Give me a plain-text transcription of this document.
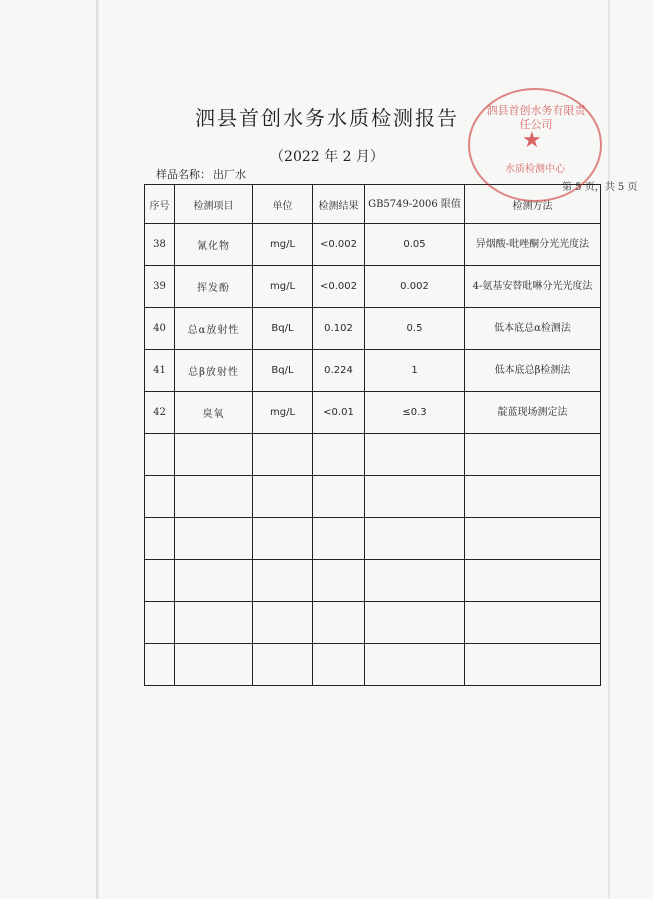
泗县首创水务水质检测报告
（2022 年 2 月）
样品名称： 出厂水
第 5 页，共 5 页
序号	检测项目	单位	检测结果	GB5749-2006 限值	检测方法
38	氰化物	mg/L	<0.002	0.05	异烟酸-吡唑酮分光光度法
39	挥发酚	mg/L	<0.002	0.002	4-氨基安替吡啉分光光度法
40	总α放射性	Bq/L	0.102	0.5	低本底总α检测法
41	总β放射性	Bq/L	0.224	1	低本底总β检测法
42	臭氧	mg/L	<0.01	≤0.3	靛蓝现场测定法

泗县首创水务有限责任公司
★
水质检测中心
